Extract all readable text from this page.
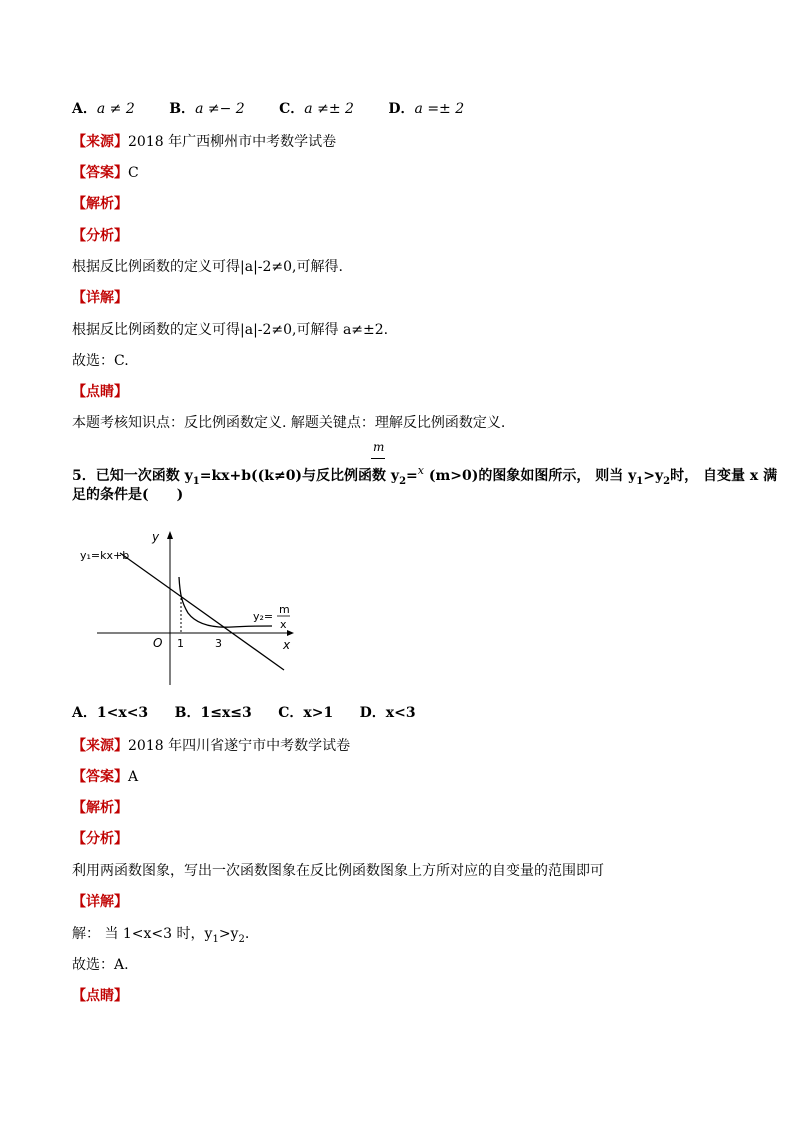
A．a ≠ 2 B．a ≠− 2 C．a ≠± 2 D．a =± 2
【来源】2018 年广西柳州市中考数学试卷
【答案】C
【解析】
【分析】
根据反比例函数的定义可得|a|-2≠0,可解得.
【详解】
根据反比例函数的定义可得|a|-2≠0,可解得 a≠±2.
故选：C.
【点睛】
本题考核知识点：反比例函数定义. 解题关键点：理解反比例函数定义.
m
5．已知一次函数 $y_1=kx+b((k\ne 0)$与反比例函数 $y_2=^x$ (m>0)的图象如图所示， 则当 $y_1>y_2$时， 自变量 x 满
足的条件是(　　)
y₁=kx+b
y₂=
m
x
y
x
O 1	3
A．1<x<3 B．1≤x≤3 C．x>1 D．x<3
【来源】2018 年四川省遂宁市中考数学试卷
【答案】A
【解析】
【分析】
利用两函数图象，写出一次函数图象在反比例函数图象上方所对应的自变量的范围即可
【详解】
解： 当 1<x<3 时，$y_1>y_2$.
故选：A.
【点睛】
